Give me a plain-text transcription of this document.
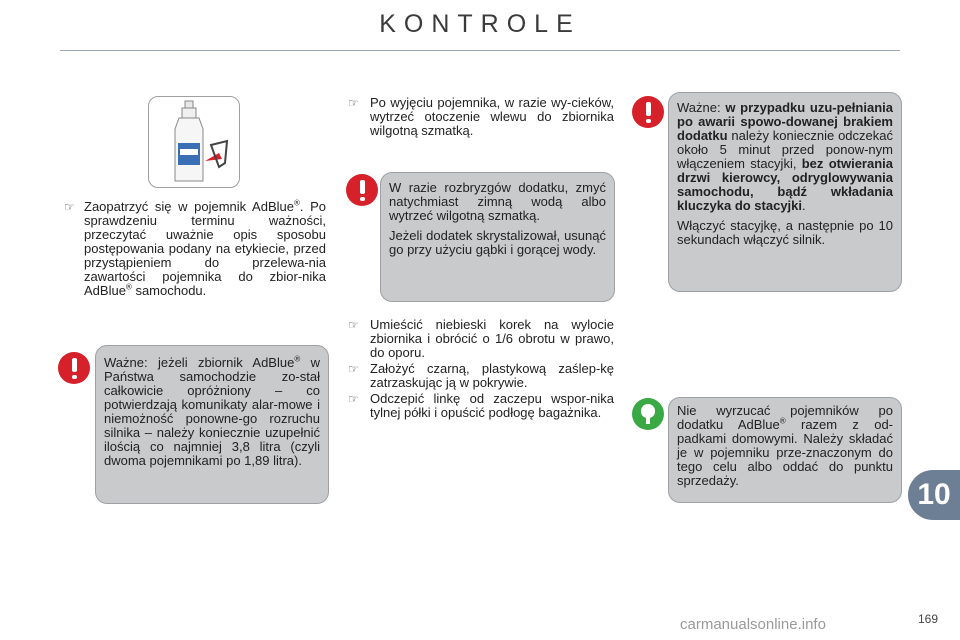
KONTROLE
☞ Zaopatrzyć się w pojemnik AdBlue®. Po sprawdzeniu terminu ważności, przeczytać uważnie opis sposobu postępowania podany na etykiecie, przed przystąpieniem do przelewa-nia zawartości pojemnika do zbior-nika AdBlue® samochodu.
Ważne: jeżeli zbiornik AdBlue® w Państwa samochodzie zo-stał całkowicie opróżniony – co potwierdzają komunikaty alar-mowe i niemożność ponowne-go rozruchu silnika – należy koniecznie uzupełnić ilością co najmniej 3,8 litra (czyli dwoma pojemnikami po 1,89 litra).
☞ Po wyjęciu pojemnika, w razie wy-cieków, wytrzeć otoczenie wlewu do zbiornika wilgotną szmatką.

W razie rozbryzgów dodatku, zmyć natychmiast zimną wodą albo wytrzeć wilgotną szmatką.

Jeżeli dodatek skrystalizował, usunąć go przy użyciu gąbki i gorącej wody.

☞ Umieścić niebieski korek na wylocie zbiornika i obrócić o 1/6 obrotu w prawo, do oporu.
☞ Założyć czarną, plastykową zaślep-kę zatrzaskując ją w pokrywie.
☞ Odczepić linkę od zaczepu wspor-nika tylnej półki i opuścić podłogę bagażnika.

Ważne: w przypadku uzu-pełniania po awarii spowo-dowanej brakiem dodatku należy koniecznie odczekać około 5 minut przed ponow-nym włączeniem stacyjki, bez otwierania drzwi kierowcy, odryglowywania samochodu, bądź wkładania kluczyka do stacyjki.

Włączyć stacyjkę, a następnie po 10 sekundach włączyć silnik.

Nie wyrzucać pojemników po dodatku AdBlue® razem z od-padkami domowymi. Należy składać je w pojemniku prze-znaczonym do tego celu albo oddać do punktu sprzedaży.	10
169
carmanualsonline.info
